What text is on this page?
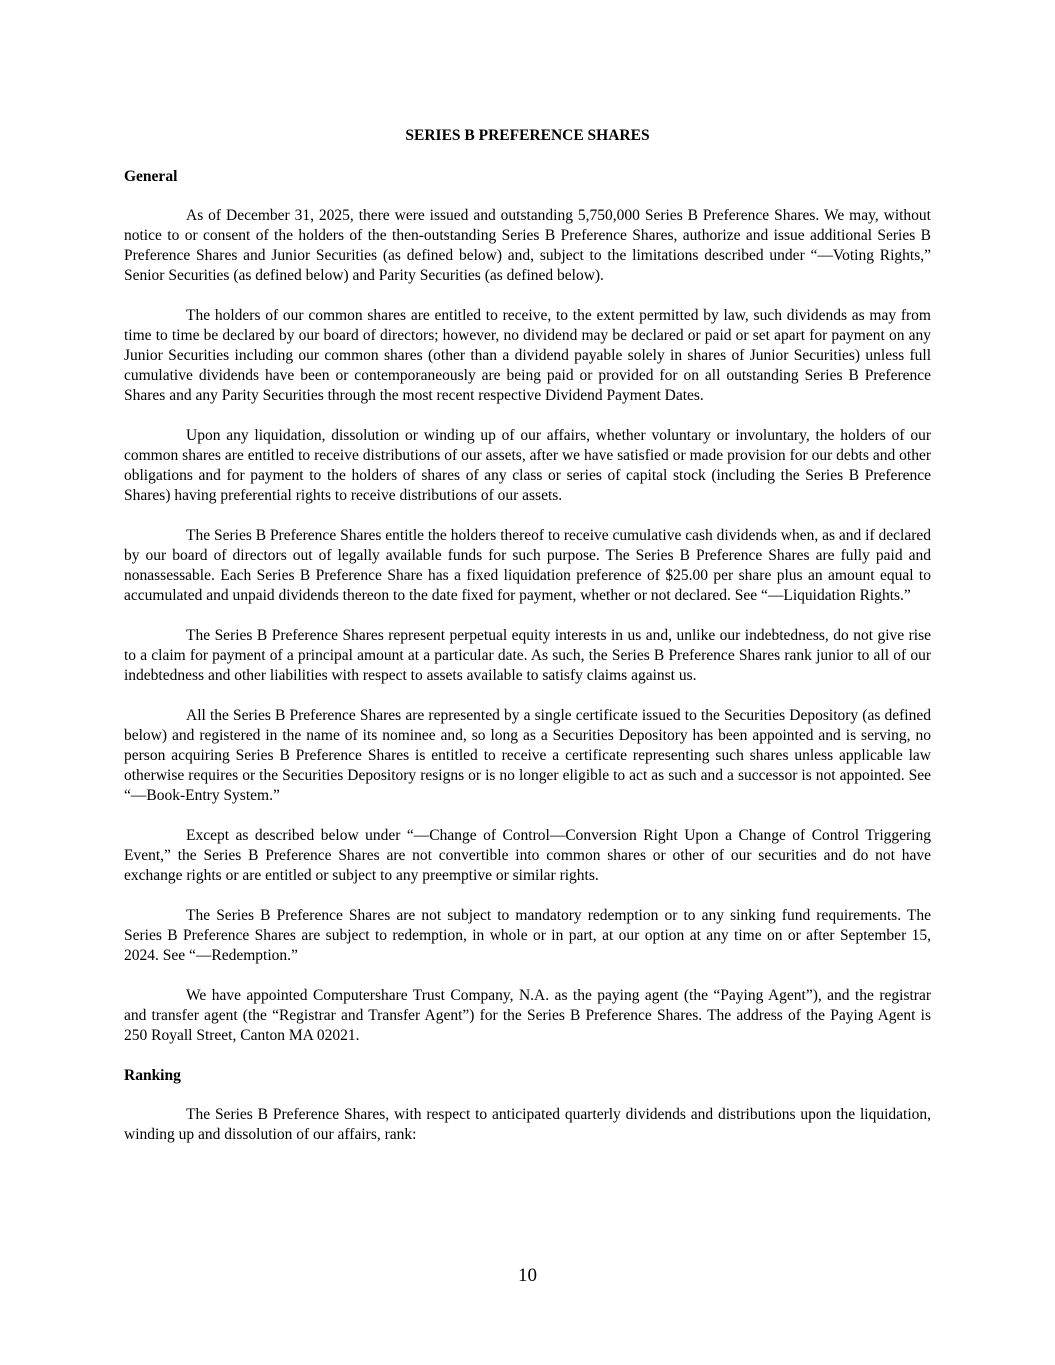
SERIES B PREFERENCE SHARES
General

As of December 31, 2025, there were issued and outstanding 5,750,000 Series B Preference Shares. We may, without notice to or consent of the holders of the then-outstanding Series B Preference Shares, authorize and issue additional Series B Preference Shares and Junior Securities (as defined below) and, subject to the limitations described under “—Voting Rights,” Senior Securities (as defined below) and Parity Securities (as defined below).

The holders of our common shares are entitled to receive, to the extent permitted by law, such dividends as may from time to time be declared by our board of directors; however, no dividend may be declared or paid or set apart for payment on any Junior Securities including our common shares (other than a dividend payable solely in shares of Junior Securities) unless full cumulative dividends have been or contemporaneously are being paid or provided for on all outstanding Series B Preference Shares and any Parity Securities through the most recent respective Dividend Payment Dates.

Upon any liquidation, dissolution or winding up of our affairs, whether voluntary or involuntary, the holders of our common shares are entitled to receive distributions of our assets, after we have satisfied or made provision for our debts and other obligations and for payment to the holders of shares of any class or series of capital stock (including the Series B Preference Shares) having preferential rights to receive distributions of our assets.

The Series B Preference Shares entitle the holders thereof to receive cumulative cash dividends when, as and if declared by our board of directors out of legally available funds for such purpose. The Series B Preference Shares are fully paid and nonassessable. Each Series B Preference Share has a fixed liquidation preference of $25.00 per share plus an amount equal to accumulated and unpaid dividends thereon to the date fixed for payment, whether or not declared. See “—Liquidation Rights.”

The Series B Preference Shares represent perpetual equity interests in us and, unlike our indebtedness, do not give rise to a claim for payment of a principal amount at a particular date. As such, the Series B Preference Shares rank junior to all of our indebtedness and other liabilities with respect to assets available to satisfy claims against us.

All the Series B Preference Shares are represented by a single certificate issued to the Securities Depository (as defined below) and registered in the name of its nominee and, so long as a Securities Depository has been appointed and is serving, no person acquiring Series B Preference Shares is entitled to receive a certificate representing such shares unless applicable law otherwise requires or the Securities Depository resigns or is no longer eligible to act as such and a successor is not appointed. See “—Book-Entry System.”

Except as described below under “—Change of Control—Conversion Right Upon a Change of Control Triggering Event,” the Series B Preference Shares are not convertible into common shares or other of our securities and do not have exchange rights or are entitled or subject to any preemptive or similar rights.

The Series B Preference Shares are not subject to mandatory redemption or to any sinking fund requirements. The Series B Preference Shares are subject to redemption, in whole or in part, at our option at any time on or after September 15, 2024. See “—Redemption.”

We have appointed Computershare Trust Company, N.A. as the paying agent (the “Paying Agent”), and the registrar and transfer agent (the “Registrar and Transfer Agent”) for the Series B Preference Shares. The address of the Paying Agent is 250 Royall Street, Canton MA 02021.

Ranking

The Series B Preference Shares, with respect to anticipated quarterly dividends and distributions upon the liquidation, winding up and dissolution of our affairs, rank:

10
